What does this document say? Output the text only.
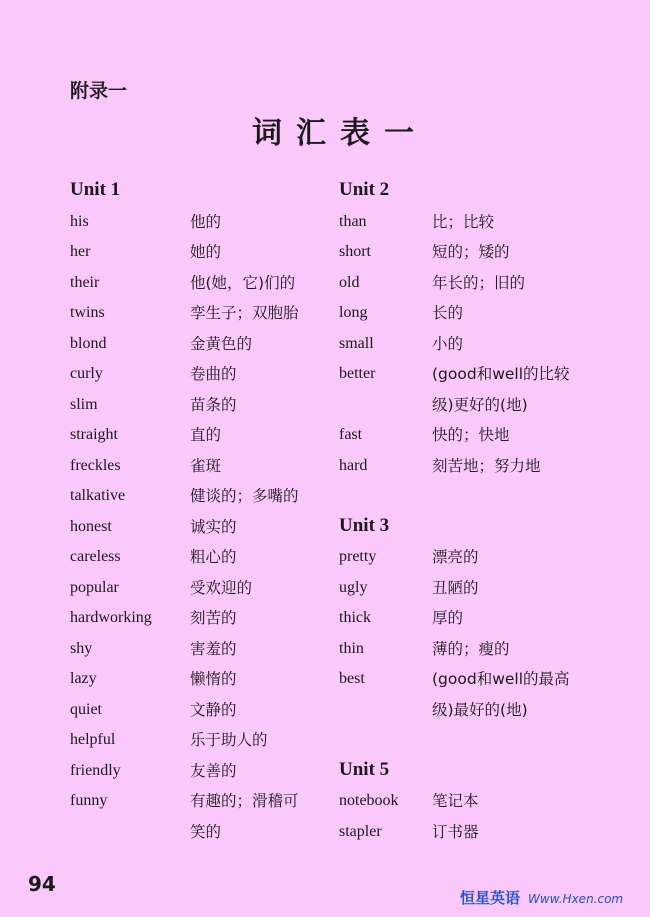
附录一
词汇表一
Unit 1
his	他的
her	她的
their	他(她，它)们的
twins	孪生子；双胞胎
blond	金黄色的
curly	卷曲的
slim	苗条的
straight	直的
freckles	雀斑
talkative	健谈的；多嘴的
honest	诚实的
careless	粗心的
popular	受欢迎的
hardworking	刻苦的
shy	害羞的
lazy	懒惰的
quiet	文静的
helpful	乐于助人的
friendly	友善的
funny	有趣的；滑稽可
笑的
Unit 2
than	比；比较
short	短的；矮的
old	年长的；旧的
long	长的
small	小的
better	(good和well的比较
级)更好的(地)
fast	快的；快地
hard	刻苦地；努力地
Unit 3
pretty	漂亮的
ugly	丑陋的
thick	厚的
thin	薄的；瘦的
best	(good和well的最高
级)最好的(地)
Unit 5
notebook	笔记本
stapler	订书器
94
恒星英语 Www.Hxen.com
